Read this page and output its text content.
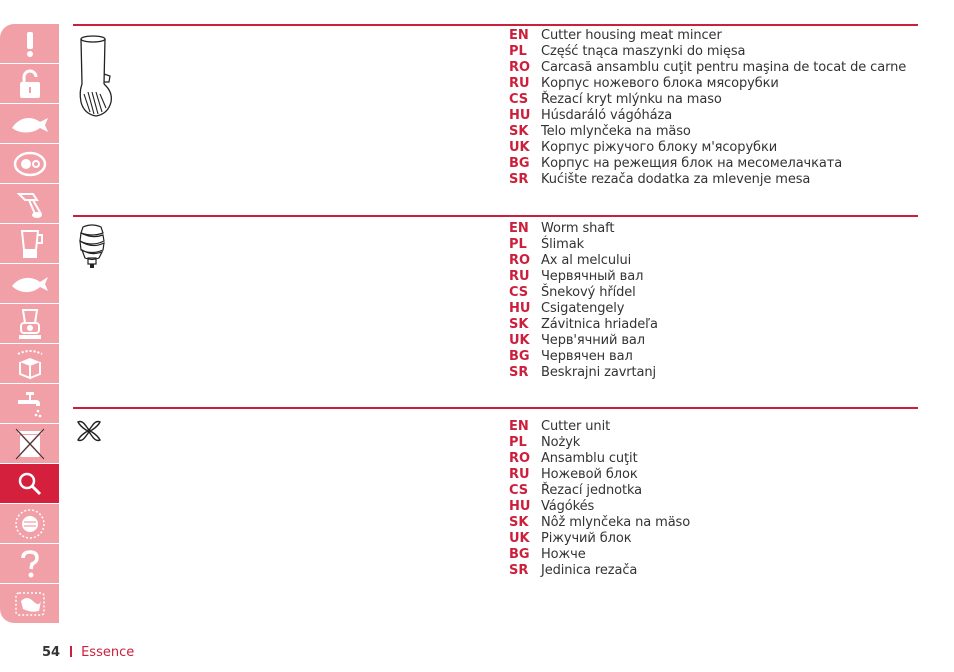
EN Cutter housing meat mincer
PL Część tnąca maszynki do mięsa
RO Carcasă ansamblu cuţit pentru maşina de tocat de carne
RU Корпус ножевого блока мясорубки
CS Řezací kryt mlýnku na maso
HU Húsdaráló vágóháza
SK Telo mlynčeka na mäso
UK Корпус ріжучого блоку м'ясорубки
BG Корпус на режещия блок на месомелачката
SR Kućište rezača dodatka za mlevenje mesa
EN Worm shaft
PL Ślimak
RO Ax al melcului
RU Червячный вал
CS Šnekový hřídel
HU Csigatengely
SK Závitnica hriadeľa
UK Черв'ячний вал
BG Червячен вал
SR Beskrajni zavrtanj
EN Cutter unit
PL Nożyk
RO Ansamblu cuţit
RU Ножевой блок
CS Řezací jednotka
HU Vágókés
SK Nôž mlynčeka na mäso
UK Ріжучий блок
BG Ножче
SR Jedinica rezača
54 Essence
